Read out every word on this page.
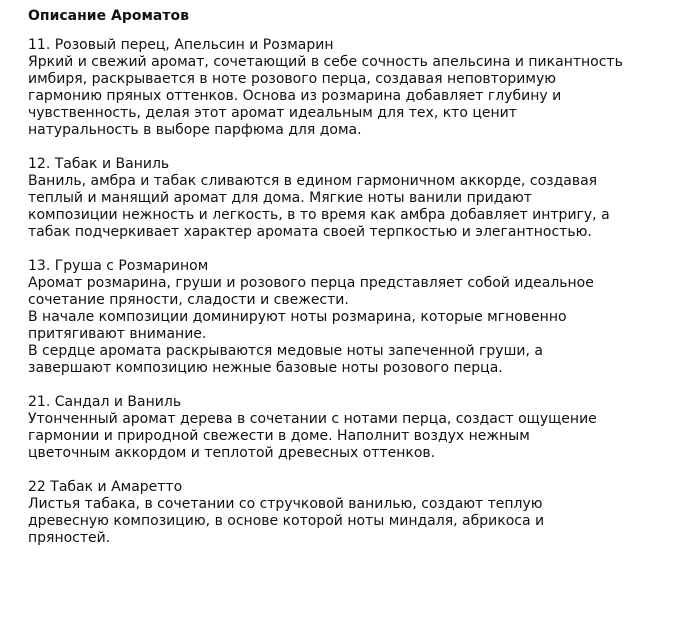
Описание Ароматов
11. Розовый перец, Апельсин и Розмарин
Яркий и свежий аромат, сочетающий в себе сочность апельсина и пикантность
имбиря, раскрывается в ноте розового перца, создавая неповторимую
гармонию пряных оттенков. Основа из розмарина добавляет глубину и
чувственность, делая этот аромат идеальным для тех, кто ценит
натуральность в выборе парфюма для дома.
12. Табак и Ваниль
Ваниль, амбра и табак сливаются в едином гармоничном аккорде, создавая
теплый и манящий аромат для дома. Мягкие ноты ванили придают
композиции нежность и легкость, в то время как амбра добавляет интригу, а
табак подчеркивает характер аромата своей терпкостью и элегантностью.
13. Груша с Розмарином
Аромат розмарина, груши и розового перца представляет собой идеальное
сочетание пряности, сладости и свежести.
В начале композиции доминируют ноты розмарина, которые мгновенно
притягивают внимание.
В сердце аромата раскрываются медовые ноты запеченной груши, а
завершают композицию нежные базовые ноты розового перца.
21. Сандал и Ваниль
Утонченный аромат дерева в сочетании с нотами перца, создаст ощущение
гармонии и природной свежести в доме. Наполнит воздух нежным
цветочным аккордом и теплотой древесных оттенков.
22 Табак и Амаретто
Листья табака, в сочетании со стручковой ванилью, создают теплую
древесную композицию, в основе которой ноты миндаля, абрикоса и
пряностей.
